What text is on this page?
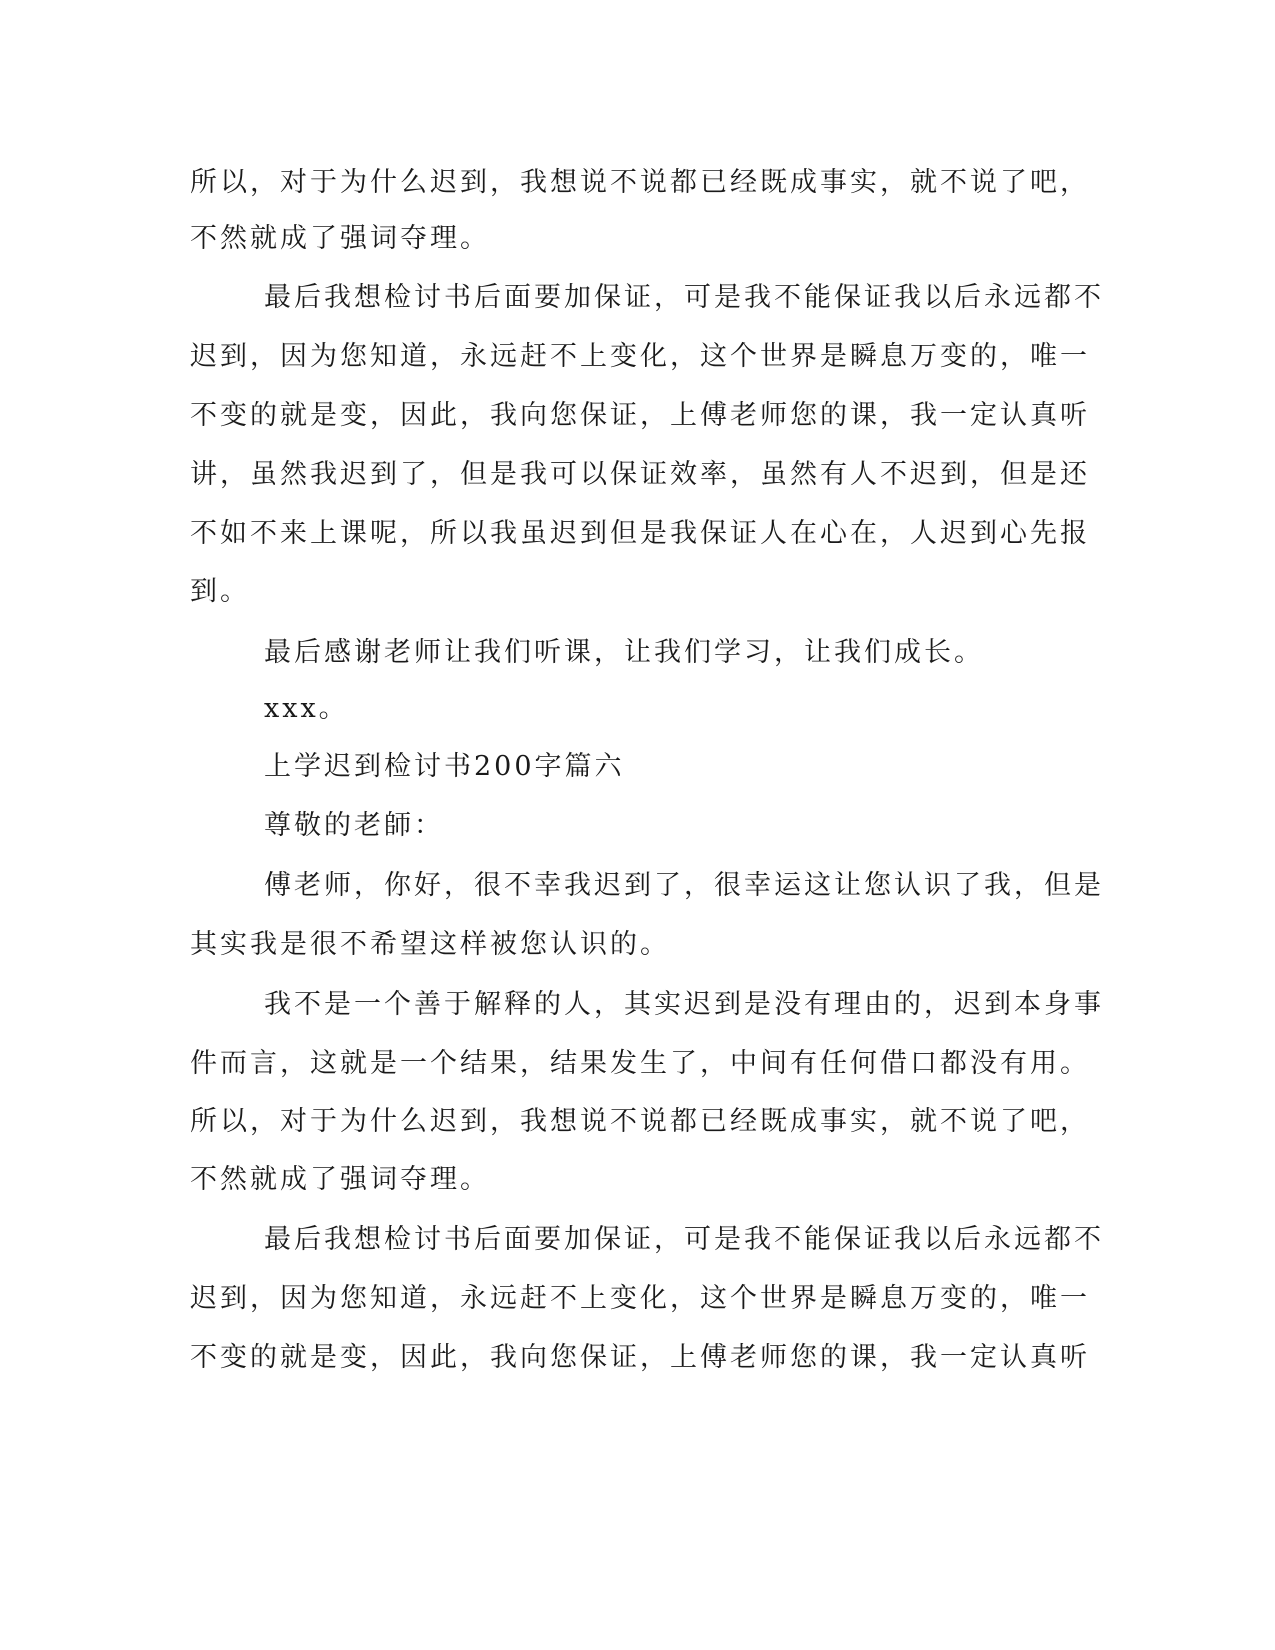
所以，对于为什么迟到，我想说不说都已经既成事实，就不说了吧，
不然就成了强词夺理。
最后我想检讨书后面要加保证，可是我不能保证我以后永远都不
迟到，因为您知道，永远赶不上变化，这个世界是瞬息万变的，唯一
不变的就是变，因此，我向您保证，上傅老师您的课，我一定认真听
讲，虽然我迟到了，但是我可以保证效率，虽然有人不迟到，但是还
不如不来上课呢，所以我虽迟到但是我保证人在心在，人迟到心先报
到。
最后感谢老师让我们听课，让我们学习，让我们成长。
xxx。
上学迟到检讨书200字篇六
尊敬的老師：
傅老师，你好，很不幸我迟到了，很幸运这让您认识了我，但是
其实我是很不希望这样被您认识的。
我不是一个善于解释的人，其实迟到是没有理由的，迟到本身事
件而言，这就是一个结果，结果发生了，中间有任何借口都没有用。
所以，对于为什么迟到，我想说不说都已经既成事实，就不说了吧，
不然就成了强词夺理。
最后我想检讨书后面要加保证，可是我不能保证我以后永远都不
迟到，因为您知道，永远赶不上变化，这个世界是瞬息万变的，唯一
不变的就是变，因此，我向您保证，上傅老师您的课，我一定认真听
